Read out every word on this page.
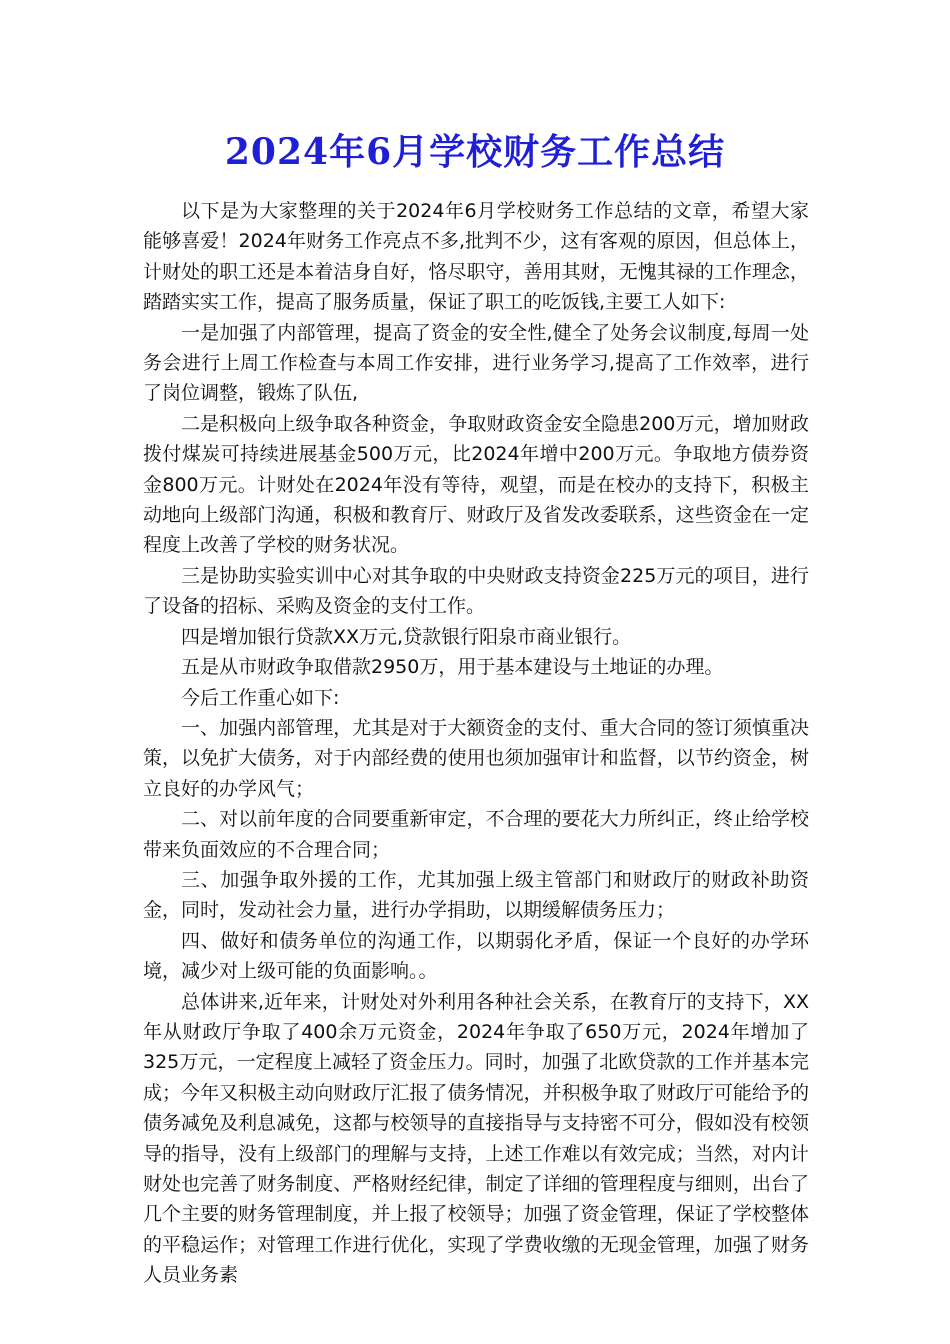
2024年6月学校财务工作总结

以下是为大家整理的关于2024年6月学校财务工作总结的文章，希望大家能够喜爱！2024年财务工作亮点不多,批判不少，这有客观的原因，但总体上，计财处的职工还是本着洁身自好，恪尽职守，善用其财，无愧其禄的工作理念，踏踏实实工作，提高了服务质量，保证了职工的吃饭钱,主要工人如下:

一是加强了内部管理，提高了资金的安全性,健全了处务会议制度,每周一处务会进行上周工作检查与本周工作安排，进行业务学习,提高了工作效率，进行了岗位调整，锻炼了队伍,

二是积极向上级争取各种资金，争取财政资金安全隐患200万元，增加财政拨付煤炭可持续进展基金500万元，比2024年增中200万元。争取地方债券资金800万元。计财处在2024年没有等待，观望，而是在校办的支持下，积极主动地向上级部门沟通，积极和教育厅、财政厅及省发改委联系，这些资金在一定程度上改善了学校的财务状况。

三是协助实验实训中心对其争取的中央财政支持资金225万元的项目，进行了设备的招标、采购及资金的支付工作。

四是增加银行贷款XX万元,贷款银行阳泉市商业银行。

五是从市财政争取借款2950万，用于基本建设与土地证的办理。

今后工作重心如下:

一、加强内部管理，尤其是对于大额资金的支付、重大合同的签订须慎重决策，以免扩大债务，对于内部经费的使用也须加强审计和监督，以节约资金，树立良好的办学风气；

二、对以前年度的合同要重新审定，不合理的要花大力所纠正，终止给学校带来负面效应的不合理合同；

三、加强争取外援的工作，尤其加强上级主管部门和财政厅的财政补助资金，同时，发动社会力量，进行办学捐助，以期缓解债务压力；

四、做好和债务单位的沟通工作，以期弱化矛盾，保证一个良好的办学环境，减少对上级可能的负面影响。。

总体讲来,近年来，计财处对外利用各种社会关系，在教育厅的支持下，XX年从财政厅争取了400余万元资金，2024年争取了650万元，2024年增加了325万元，一定程度上减轻了资金压力。同时，加强了北欧贷款的工作并基本完成；今年又积极主动向财政厅汇报了债务情况，并积极争取了财政厅可能给予的债务减免及利息减免，这都与校领导的直接指导与支持密不可分，假如没有校领导的指导，没有上级部门的理解与支持，上述工作难以有效完成；当然，对内计财处也完善了财务制度、严格财经纪律，制定了详细的管理程度与细则，出台了几个主要的财务管理制度，并上报了校领导；加强了资金管理，保证了学校整体的平稳运作；对管理工作进行优化，实现了学费收缴的无现金管理，加强了财务人员业务素
